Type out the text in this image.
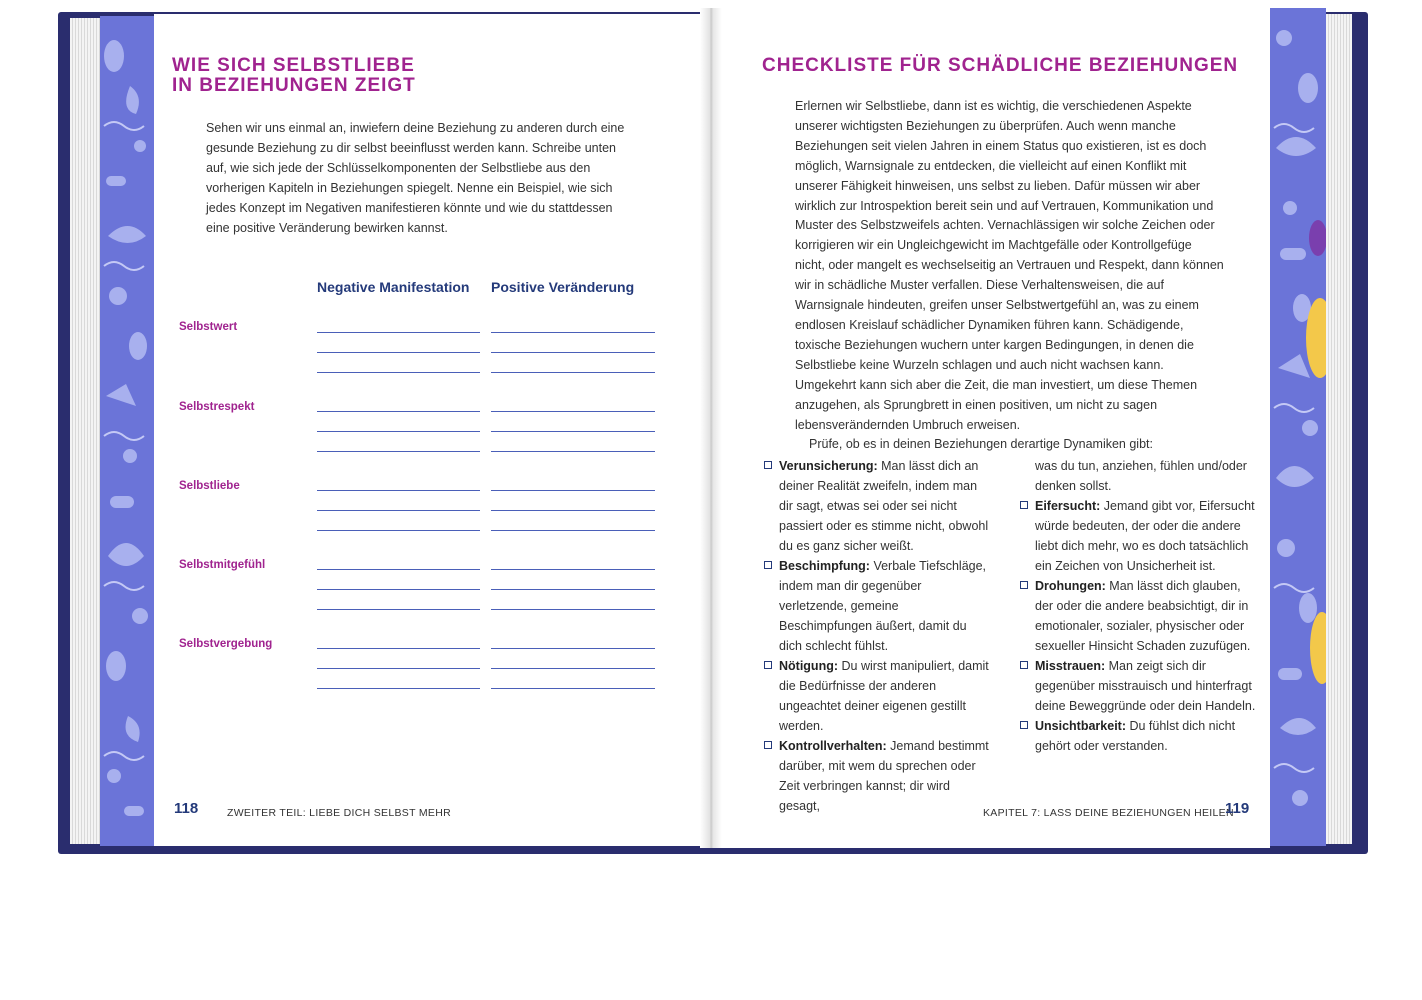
WIE SICH SELBSTLIEBE
IN BEZIEHUNGEN ZEIGT

Sehen wir uns einmal an, inwiefern deine Beziehung zu anderen durch eine gesunde Beziehung zu dir selbst beeinflusst werden kann. Schreibe unten auf, wie sich jede der Schlüsselkomponenten der Selbstliebe aus den vorherigen Kapiteln in Beziehungen spiegelt. Nenne ein Beispiel, wie sich jedes Konzept im Negativen manifestieren könnte und wie du stattdessen eine positive Veränderung bewirken kannst.

Negative Manifestation Positive Veränderung
Selbstwert
Selbstrespekt
Selbstliebe
Selbstmitgefühl
Selbstvergebung
118	ZWEITER TEIL: LIEBE DICH SELBST MEHR
CHECKLISTE FÜR SCHÄDLICHE BEZIEHUNGEN

Erlernen wir Selbstliebe, dann ist es wichtig, die verschiedenen Aspekte unserer wichtigsten Beziehungen zu überprüfen. Auch wenn manche Beziehungen seit vielen Jahren in einem Status quo existieren, ist es doch möglich, Warnsignale zu entdecken, die vielleicht auf einen Konflikt mit unserer Fähigkeit hinweisen, uns selbst zu lieben. Dafür müssen wir aber wirklich zur Introspektion bereit sein und auf Vertrauen, Kommunikation und Muster des Selbstzweifels achten. Vernachlässigen wir solche Zeichen oder korrigieren wir ein Ungleichgewicht im Machtgefälle oder Kontrollgefüge nicht, oder mangelt es wechselseitig an Vertrauen und Respekt, dann können wir in schädliche Muster verfallen. Diese Verhaltensweisen, die auf Warnsignale hindeuten, greifen unser Selbstwertgefühl an, was zu einem endlosen Kreislauf schädlicher Dynamiken führen kann. Schädigende, toxische Beziehungen wuchern unter kargen Bedingungen, in denen die Selbstliebe keine Wurzeln schlagen und auch nicht wachsen kann. Umgekehrt kann sich aber die Zeit, die man investiert, um diese Themen anzugehen, als Sprungbrett in einen positiven, um nicht zu sagen lebensverändernden Umbruch erweisen.

Prüfe, ob es in deinen Beziehungen derartige Dynamiken gibt:

Verunsicherung: Man lässt dich an deiner Realität zweifeln, indem man dir sagt, etwas sei oder sei nicht passiert oder es stimme nicht, obwohl du es ganz sicher weißt.
Beschimpfung: Verbale Tiefschläge, indem man dir gegenüber verletzende, gemeine Beschimpfungen äußert, damit du dich schlecht fühlst.
Nötigung: Du wirst manipuliert, damit die Bedürfnisse der anderen ungeachtet deiner eigenen gestillt werden.
Kontrollverhalten: Jemand bestimmt darüber, mit wem du sprechen oder Zeit verbringen kannst; dir wird gesagt,
was du tun, anziehen, fühlen und/oder denken sollst.
Eifersucht: Jemand gibt vor, Eifersucht würde bedeuten, der oder die andere liebt dich mehr, wo es doch tatsächlich ein Zeichen von Unsicherheit ist.
Drohungen: Man lässt dich glauben, der oder die andere beabsichtigt, dir in emotionaler, sozialer, physischer oder sexueller Hinsicht Schaden zuzufügen.
Misstrauen: Man zeigt sich dir gegenüber misstrauisch und hinterfragt deine Beweggründe oder dein Handeln.
Unsichtbarkeit: Du fühlst dich nicht gehört oder verstanden.
KAPITEL 7: LASS DEINE BEZIEHUNGEN HEILEN
119
